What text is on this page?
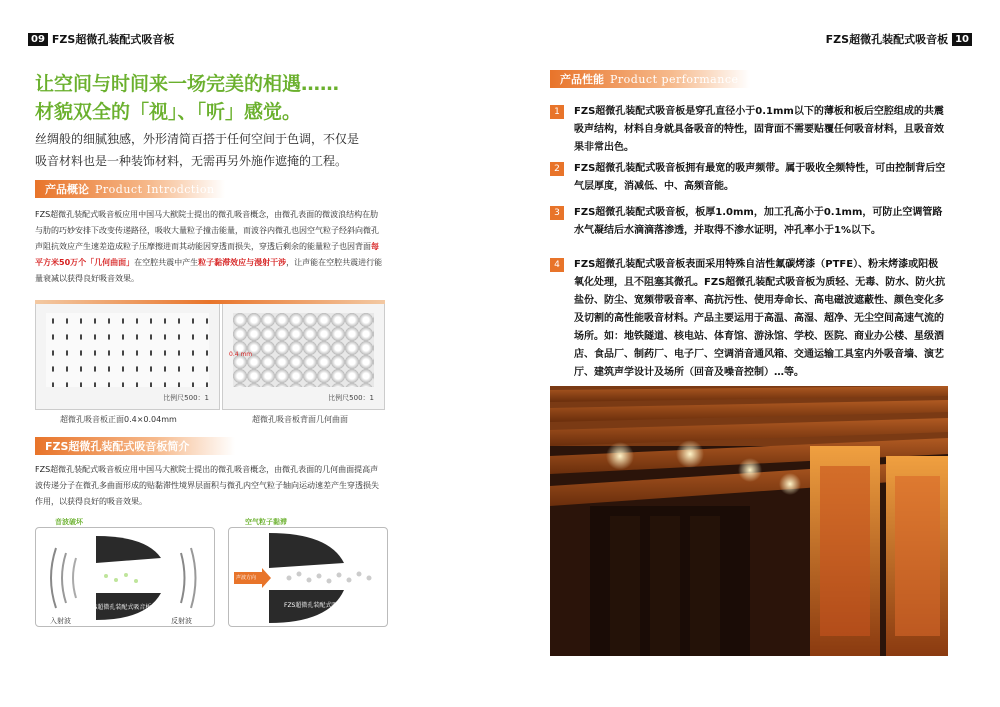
09 FZS超微孔装配式吸音板	FZS超微孔装配式吸音板 10
让空间与时间来一场完美的相遇……
材貌双全的「视」、「听」感觉。
丝绸般的细腻独感，外形清简百搭于任何空间于色调，不仅是吸音材料也是一种装饰材料，无需再另外施作遮掩的工程。
产品概论 Product Introdction
FZS超微孔装配式吸音板应用中国马大猷院士提出的微孔吸音概念，由微孔表面的微波浪结构在肋与肋的巧妙安排下改变传递路径，吸收大量粒子撞击能量，而波谷内微孔也因空气粒子经斜向微孔声阻抗效应产生速差造成粒子压摩擦进而其动能因穿透而损失，穿透后剩余的能量粒子也因背面每平方米50万个「几何曲面」在空腔共震中产生粒子黏滞效应与漫射干涉，让声能在空腔共震进行能量衰减以获得良好吸音效果。
比例尺500：1
超微孔吸音板正面0.4×0.04mm
0.4 mm
比例尺500：1
超微孔吸音板背面几何曲面
FZS超微孔装配式吸音板简介
FZS超微孔装配式吸音板应用中国马大猷院士提出的微孔吸音概念，由微孔表面的几何曲面提高声波传递分子在微孔多曲面形成的贴黏滞性境界层面积与微孔内空气粒子轴向运动速差产生穿透损失作用，以获得良好的吸音效果。
音波破坏
FZS超微孔装配式吸音板
入射波	反射波
空气粒子黏滞
声波方向
FZS超微孔装配式吸音板
产品性能 Product performance
1	FZS超微孔装配式吸音板是穿孔直径小于0.1mm以下的薄板和板后空腔组成的共震吸声结构，材料自身就具备吸音的特性，固背面不需要贴覆任何吸音材料，且吸音效果非常出色。
2	FZS超微孔装配式吸音板拥有最宽的吸声频带。属于吸收全频特性，可由控制背后空气层厚度，消减低、中、高频音能。
3	FZS超微孔装配式吸音板，板厚1.0mm，加工孔高小于0.1mm，可防止空调管路水气凝结后水滴滴落渗透，并取得不渗水证明，冲孔率小于1%以下。
4	FZS超微孔装配式吸音板表面采用特殊自洁性氟碳烤漆（PTFE）、粉末烤漆或阳极氧化处理，且不阻塞其微孔。FZS超微孔装配式吸音板为质轻、无毒、防水、防火抗盐份、防尘、宽频带吸音率、高抗污性、使用寿命长、高电磁波遮蔽性、颜色变化多及切割的高性能吸音材料。产品主要运用于高温、高湿、超净、无尘空间高速气流的场所。如：地铁隧道、核电站、体育馆、游泳馆、学校、医院、商业办公楼、星级酒店、食品厂、制药厂、电子厂、空调消音通风箱、交通运输工具室内外吸音墙、演艺厅、建筑声学设计及场所（回音及噪音控制）…等。
